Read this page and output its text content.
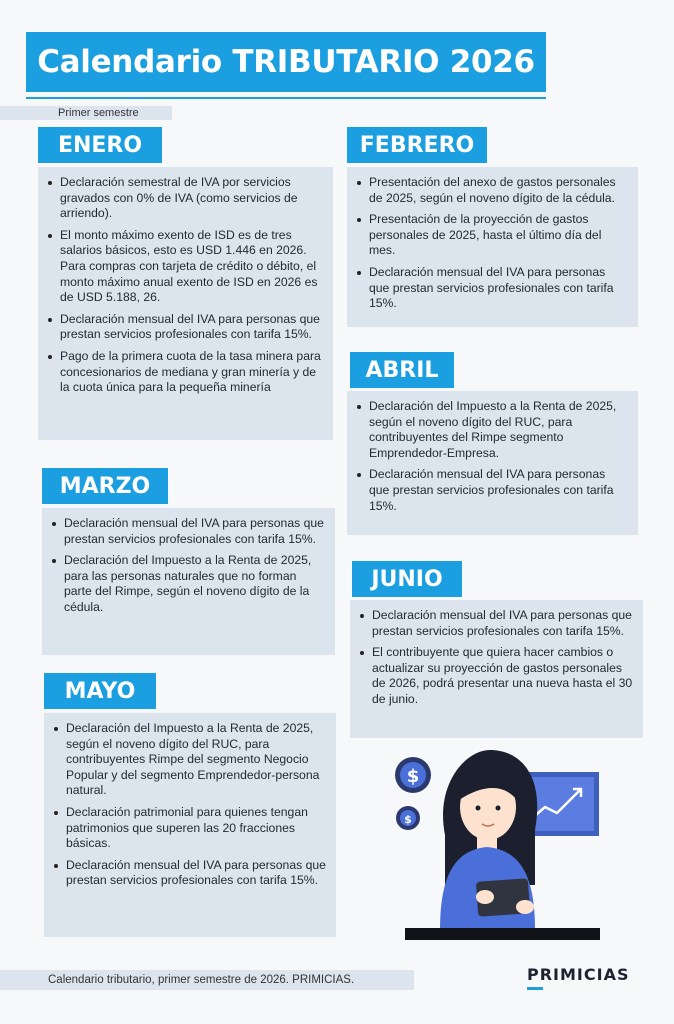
Calendario TRIBUTARIO 2026
Primer semestre
ENERO
Declaración semestral de IVA por servicios gravados con 0% de IVA (como servicios de arriendo).
El monto máximo exento de ISD es de tres salarios básicos, esto es USD 1.446 en 2026. Para compras con tarjeta de crédito o débito, el monto máximo anual exento de ISD en 2026 es de USD 5.188, 26.
Declaración mensual del IVA para personas que prestan servicios profesionales con tarifa 15%.
Pago de la primera cuota de la tasa minera para concesionarios de mediana y gran minería y de la cuota única para la pequeña minería
FEBRERO
Presentación del anexo de gastos personales de 2025, según el noveno dígito de la cédula.
Presentación de la proyección de gastos personales de 2025, hasta el último día del mes.
Declaración mensual del IVA para personas que prestan servicios profesionales con tarifa 15%.
ABRIL
Declaración del Impuesto a la Renta de 2025, según el noveno dígito del RUC, para contribuyentes del Rimpe segmento Emprendedor-Empresa.
Declaración mensual del IVA para personas que prestan servicios profesionales con tarifa 15%.
MARZO
Declaración mensual del IVA para personas que prestan servicios profesionales con tarifa 15%.
Declaración del Impuesto a la Renta de 2025, para las personas naturales que no forman parte del Rimpe, según el noveno dígito de la cédula.
JUNIO
Declaración mensual del IVA para personas que prestan servicios profesionales con tarifa 15%.
El contribuyente que quiera hacer cambios o actualizar su proyección de gastos personales de 2026, podrá presentar una nueva hasta el 30 de junio.
MAYO
Declaración del Impuesto a la Renta de 2025, según el noveno dígito del RUC, para contribuyentes Rimpe del segmento Negocio Popular y del segmento Emprendedor-persona natural.
Declaración patrimonial para quienes tengan patrimonios que superen las 20 fracciones básicas.
Declaración mensual del IVA para personas que prestan servicios profesionales con tarifa 15%.
$
$
Calendario tributario, primer semestre de 2026. PRIMICIAS.	PRIMICIAS
